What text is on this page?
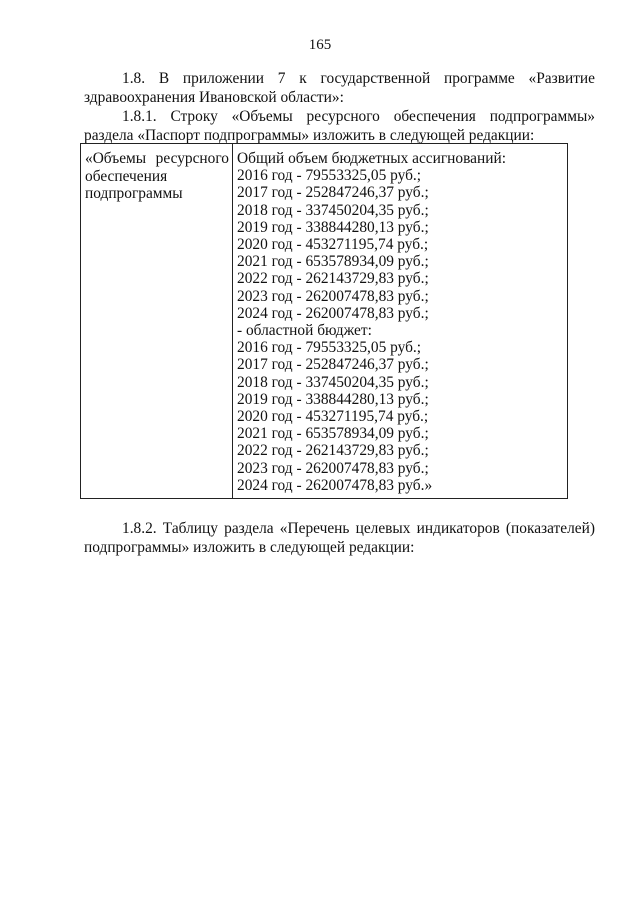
165

1.8. В приложении 7 к государственной программе «Развитие здравоохранения Ивановской области»:

1.8.1. Строку «Объемы ресурсного обеспечения подпрограммы» раздела «Паспорт подпрограммы» изложить в следующей редакции:

«Объемы ресурсного
обеспечения
подпрограммы
Общий объем бюджетных ассигнований:
2016 год - 79553325,05 руб.;
2017 год - 252847246,37 руб.;
2018 год - 337450204,35 руб.;
2019 год - 338844280,13 руб.;
2020 год - 453271195,74 руб.;
2021 год - 653578934,09 руб.;
2022 год - 262143729,83 руб.;
2023 год - 262007478,83 руб.;
2024 год - 262007478,83 руб.;
- областной бюджет:
2016 год - 79553325,05 руб.;
2017 год - 252847246,37 руб.;
2018 год - 337450204,35 руб.;
2019 год - 338844280,13 руб.;
2020 год - 453271195,74 руб.;
2021 год - 653578934,09 руб.;
2022 год - 262143729,83 руб.;
2023 год - 262007478,83 руб.;
2024 год - 262007478,83 руб.»

1.8.2. Таблицу раздела «Перечень целевых индикаторов (показателей) подпрограммы» изложить в следующей редакции:
